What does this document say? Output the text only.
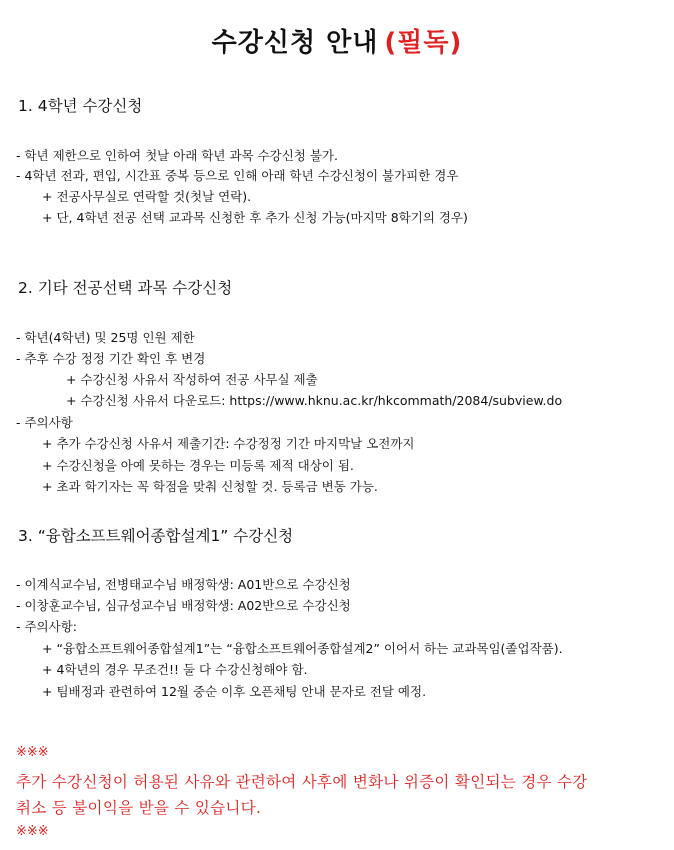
수강신청 안내 (필독)
1. 4학년 수강신청
- 학년 제한으로 인하여 첫날 아래 학년 과목 수강신청 불가.
- 4학년 전과, 편입, 시간표 중복 등으로 인해 아래 학년 수강신청이 불가피한 경우
+ 전공사무실로 연락할 것(첫날 연락).
+ 단, 4학년 전공 선택 교과목 신청한 후 추가 신청 가능(마지막 8학기의 경우)
2. 기타 전공선택 과목 수강신청
- 학년(4학년) 및 25명 인원 제한
- 추후 수강 정정 기간 확인 후 변경
+ 수강신청 사유서 작성하여 전공 사무실 제출
+ 수강신청 사유서 다운로드: https://www.hknu.ac.kr/hkcommath/2084/subview.do
- 주의사항
+ 추가 수강신청 사유서 제출기간: 수강정정 기간 마지막날 오전까지
+ 수강신청을 아예 못하는 경우는 미등록 제적 대상이 됨.
+ 초과 학기자는 꼭 학점을 맞춰 신청할 것. 등록금 변동 가능.
3. “융합소프트웨어종합설계1” 수강신청
- 이계식교수님, 전병태교수님 배정학생: A01반으로 수강신청
- 이창훈교수님, 심규성교수님 배정학생: A02반으로 수강신청
- 주의사항:
+ “융합소프트웨어종합설계1”는 “융합소프트웨어종합설계2” 이어서 하는 교과목임(졸업작품).
+ 4학년의 경우 무조건!! 둘 다 수강신청해야 함.
+ 팀배정과 관련하여 12월 중순 이후 오픈채팅 안내 문자로 전달 예정.
※※※
추가 수강신청이 허용된 사유와 관련하여 사후에 변화나 위증이 확인되는 경우 수강
취소 등 불이익을 받을 수 있습니다.
※※※
